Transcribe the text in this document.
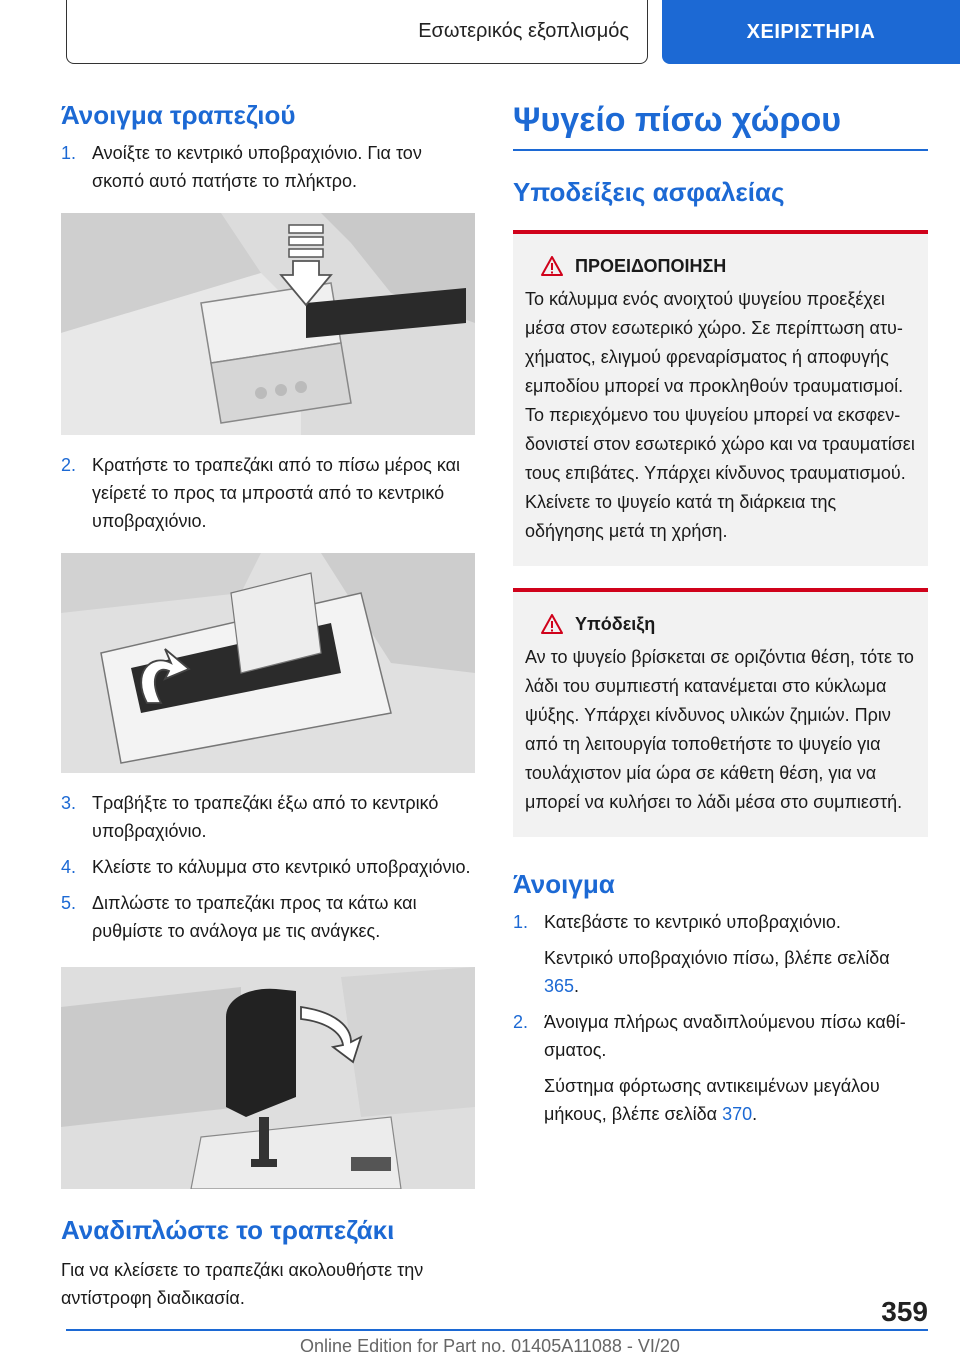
Εσωτερικός εξοπλισμός	ΧΕΙΡΙΣΤΗΡΙΑ
Άνοιγμα τραπεζιού
1. Ανοίξτε το κεντρικό υποβραχιόνιο. Για τον σκοπό αυτό πατήστε το πλήκτρο.
2. Κρατήστε το τραπεζάκι από το πίσω μέρος και γείρετέ το προς τα μπροστά από το κεντρικό υποβραχιόνιο.
3. Τραβήξτε το τραπεζάκι έξω από το κεντρικό υποβραχιόνιο.
4. Κλείστε το κάλυμμα στο κεντρικό υποβραχιόνιο.
5. Διπλώστε το τραπεζάκι προς τα κάτω και ρυθμίστε το ανάλογα με τις ανάγκες.
Αναδιπλώστε το τραπεζάκι

Για να κλείσετε το τραπεζάκι ακολουθήστε την αντίστροφη διαδικασία.

Ψυγείο πίσω χώρου
Υποδείξεις ασφαλείας
ΠΡΟΕΙΔΟΠΟΙΗΣΗ
Το κάλυμμα ενός ανοιχτού ψυγείου προεξέχει μέσα στον εσωτερικό χώρο. Σε περίπτωση ατυχήματος, ελιγμού φρεναρίσματος ή αποφυγής εμποδίου μπορεί να προκληθούν τραυματισμοί. Το περιεχόμενο του ψυγείου μπορεί να εκσφενδονιστεί στον εσωτερικό χώρο και να τραυματίσει τους επιβάτες. Υπάρχει κίνδυνος τραυματισμού. Κλείνετε το ψυγείο κατά τη διάρκεια της οδήγησης μετά τη χρήση.
Υπόδειξη
Αν το ψυγείο βρίσκεται σε οριζόντια θέση, τότε το λάδι του συμπιεστή κατανέμεται στο κύκλωμα ψύξης. Υπάρχει κίνδυνος υλικών ζημιών. Πριν από τη λειτουργία τοποθετήστε το ψυγείο για τουλάχιστον μία ώρα σε κάθετη θέση, για να μπορεί να κυλήσει το λάδι μέσα στο συμπιεστή.
Άνοιγμα
1. Κατεβάστε το κεντρικό υποβραχιόνιο.
Κεντρικό υποβραχιόνιο πίσω, βλέπε σελίδα 365.
2. Άνοιγμα πλήρως αναδιπλούμενου πίσω καθίσματος.
Σύστημα φόρτωσης αντικειμένων μεγάλου μήκους, βλέπε σελίδα 370.
359
Online Edition for Part no. 01405A11088 - VI/20
